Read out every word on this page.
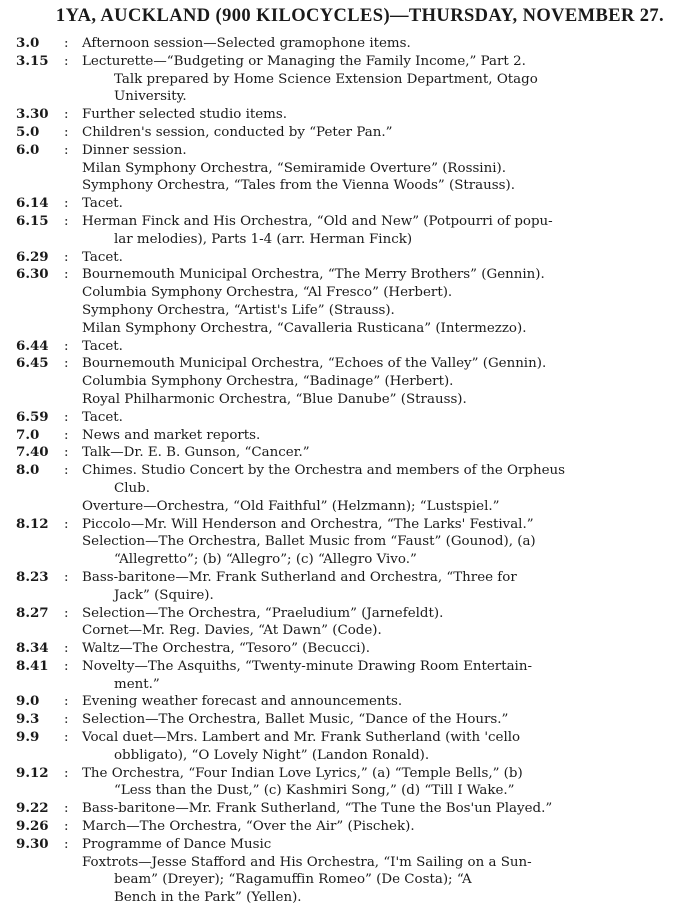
1YA, AUCKLAND (900 KILOCYCLES)—THURSDAY, NOVEMBER 27.
3.0	:	Afternoon session—Selected gramophone items.
3.15	:	Lecturette—“Budgeting or Managing the Family Income,” Part 2.
Talk prepared by Home Science Extension Department, Otago
University.
3.30	:	Further selected studio items.
5.0	:	Children's session, conducted by “Peter Pan.”
6.0	:	Dinner session.
Milan Symphony Orchestra, “Semiramide Overture” (Rossini).
Symphony Orchestra, “Tales from the Vienna Woods” (Strauss).
6.14	:	Tacet.
6.15	:	Herman Finck and His Orchestra, “Old and New” (Potpourri of popu-
lar melodies), Parts 1-4 (arr. Herman Finck)
6.29	:	Tacet.
6.30	:	Bournemouth Municipal Orchestra, “The Merry Brothers” (Gennin).
Columbia Symphony Orchestra, “Al Fresco” (Herbert).
Symphony Orchestra, “Artist's Life” (Strauss).
Milan Symphony Orchestra, “Cavalleria Rusticana” (Intermezzo).
6.44	:	Tacet.
6.45	:	Bournemouth Municipal Orchestra, “Echoes of the Valley” (Gennin).
Columbia Symphony Orchestra, “Badinage” (Herbert).
Royal Philharmonic Orchestra, “Blue Danube” (Strauss).
6.59	:	Tacet.
7.0	:	News and market reports.
7.40	:	Talk—Dr. E. B. Gunson, “Cancer.”
8.0	:	Chimes. Studio Concert by the Orchestra and members of the Orpheus
Club.
Overture—Orchestra, “Old Faithful” (Helzmann); “Lustspiel.”
8.12	:	Piccolo—Mr. Will Henderson and Orchestra, “The Larks' Festival.”
Selection—The Orchestra, Ballet Music from “Faust” (Gounod), (a)
“Allegretto”; (b) “Allegro”; (c) “Allegro Vivo.”
8.23	:	Bass-baritone—Mr. Frank Sutherland and Orchestra, “Three for
Jack” (Squire).
8.27	:	Selection—The Orchestra, “Praeludium” (Jarnefeldt).
Cornet—Mr. Reg. Davies, “At Dawn” (Code).
8.34	:	Waltz—The Orchestra, “Tesoro” (Becucci).
8.41	:	Novelty—The Asquiths, “Twenty-minute Drawing Room Entertain-
ment.”
9.0	:	Evening weather forecast and announcements.
9.3	:	Selection—The Orchestra, Ballet Music, “Dance of the Hours.”
9.9	:	Vocal duet—Mrs. Lambert and Mr. Frank Sutherland (with 'cello
obbligato), “O Lovely Night” (Landon Ronald).
9.12	:	The Orchestra, “Four Indian Love Lyrics,” (a) “Temple Bells,” (b)
“Less than the Dust,” (c) Kashmiri Song,” (d) “Till I Wake.”
9.22	:	Bass-baritone—Mr. Frank Sutherland, “The Tune the Bos'un Played.”
9.26	:	March—The Orchestra, “Over the Air” (Pischek).
9.30	:	Programme of Dance Music
Foxtrots—Jesse Stafford and His Orchestra, “I'm Sailing on a Sun-
beam” (Dreyer); “Ragamuffin Romeo” (De Costa); “A
Bench in the Park” (Yellen).
